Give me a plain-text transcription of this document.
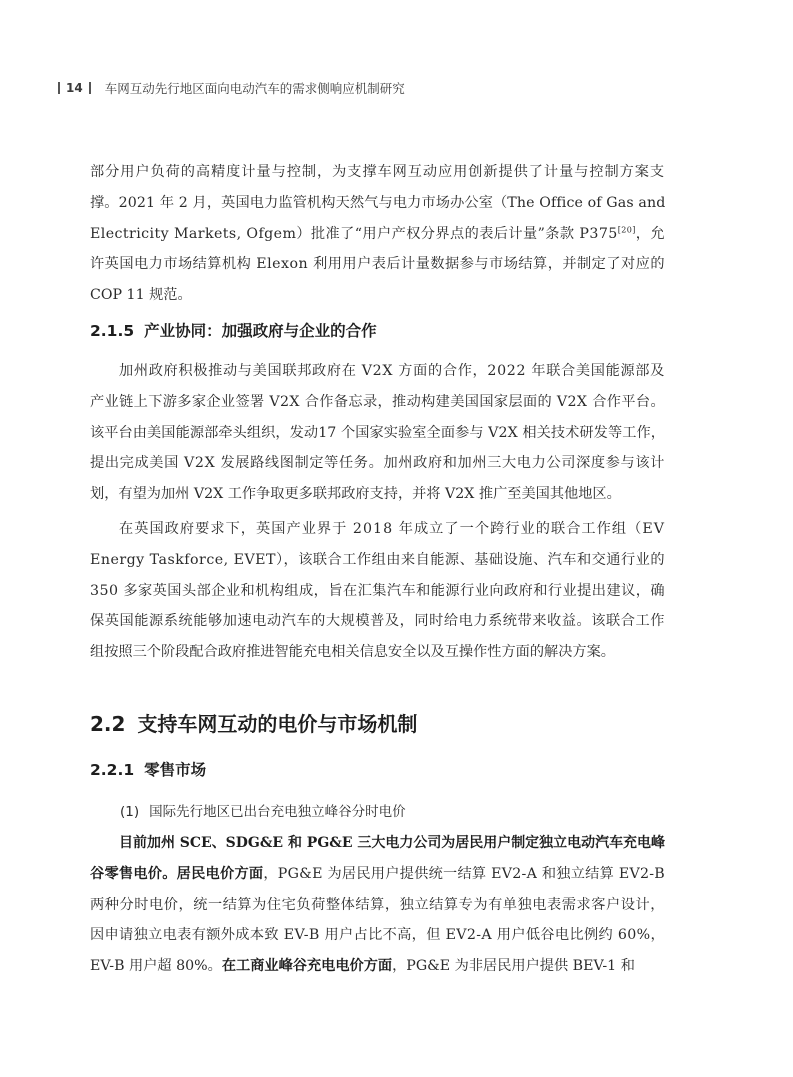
14 车网互动先行地区面向电动汽车的需求侧响应机制研究
部分用户负荷的高精度计量与控制，为支撑车网互动应用创新提供了计量与控制方案支
撑。2021 年 2 月，英国电力监管机构天然气与电力市场办公室（The Office of Gas and
Electricity Markets, Ofgem）批准了“用户产权分界点的表后计量”条款 P375[20]，允
许英国电力市场结算机构 Elexon 利用用户表后计量数据参与市场结算，并制定了对应的
COP 11 规范。
2.1.5 产业协同：加强政府与企业的合作
加州政府积极推动与美国联邦政府在 V2X 方面的合作，2022 年联合美国能源部及
产业链上下游多家企业签署 V2X 合作备忘录，推动构建美国国家层面的 V2X 合作平台。
该平台由美国能源部牵头组织，发动17 个国家实验室全面参与 V2X 相关技术研发等工作，
提出完成美国 V2X 发展路线图制定等任务。加州政府和加州三大电力公司深度参与该计
划，有望为加州 V2X 工作争取更多联邦政府支持，并将 V2X 推广至美国其他地区。
在英国政府要求下，英国产业界于 2018 年成立了一个跨行业的联合工作组（EV
Energy Taskforce, EVET），该联合工作组由来自能源、基础设施、汽车和交通行业的
350 多家英国头部企业和机构组成，旨在汇集汽车和能源行业向政府和行业提出建议，确
保英国能源系统能够加速电动汽车的大规模普及，同时给电力系统带来收益。该联合工作
组按照三个阶段配合政府推进智能充电相关信息安全以及互操作性方面的解决方案。
2.2 支持车网互动的电价与市场机制
2.2.1 零售市场
(1) 国际先行地区已出台充电独立峰谷分时电价
目前加州 SCE、SDG&E 和 PG&E 三大电力公司为居民用户制定独立电动汽车充电峰
谷零售电价。居民电价方面，PG&E 为居民用户提供统一结算 EV2-A 和独立结算 EV2-B
两种分时电价，统一结算为住宅负荷整体结算，独立结算专为有单独电表需求客户设计，
因申请独立电表有额外成本致 EV-B 用户占比不高，但 EV2-A 用户低谷电比例约 60%，
EV-B 用户超 80%。在工商业峰谷充电电价方面，PG&E 为非居民用户提供 BEV-1 和
